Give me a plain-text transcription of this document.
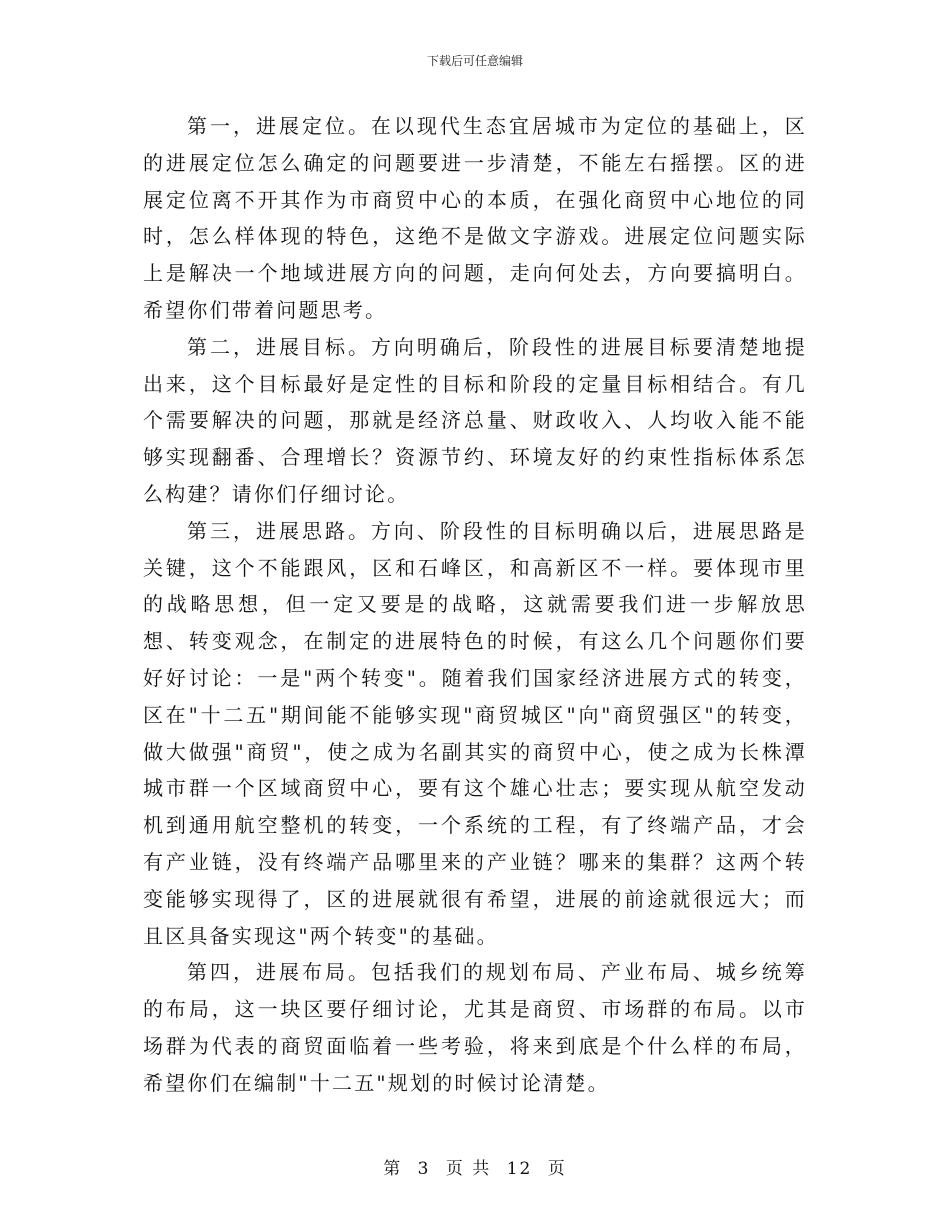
下载后可任意编辑

第一，进展定位。在以现代生态宜居城市为定位的基础上，区的进展定位怎么确定的问题要进一步清楚，不能左右摇摆。区的进展定位离不开其作为市商贸中心的本质，在强化商贸中心地位的同时，怎么样体现的特色，这绝不是做文字游戏。进展定位问题实际上是解决一个地域进展方向的问题，走向何处去，方向要搞明白。希望你们带着问题思考。

第二，进展目标。方向明确后，阶段性的进展目标要清楚地提出来，这个目标最好是定性的目标和阶段的定量目标相结合。有几个需要解决的问题，那就是经济总量、财政收入、人均收入能不能够实现翻番、合理增长？资源节约、环境友好的约束性指标体系怎么构建？请你们仔细讨论。

第三，进展思路。方向、阶段性的目标明确以后，进展思路是关键，这个不能跟风，区和石峰区，和高新区不一样。要体现市里的战略思想，但一定又要是的战略，这就需要我们进一步解放思想、转变观念，在制定的进展特色的时候，有这么几个问题你们要好好讨论：一是"两个转变"。随着我们国家经济进展方式的转变，区在"十二五"期间能不能够实现"商贸城区"向"商贸强区"的转变，做大做强"商贸"，使之成为名副其实的商贸中心，使之成为长株潭城市群一个区域商贸中心，要有这个雄心壮志；要实现从航空发动机到通用航空整机的转变，一个系统的工程，有了终端产品，才会有产业链，没有终端产品哪里来的产业链？哪来的集群？这两个转变能够实现得了，区的进展就很有希望，进展的前途就很远大；而且区具备实现这"两个转变"的基础。

第四，进展布局。包括我们的规划布局、产业布局、城乡统筹的布局，这一块区要仔细讨论，尤其是商贸、市场群的布局。以市场群为代表的商贸面临着一些考验，将来到底是个什么样的布局，希望你们在编制"十二五"规划的时候讨论清楚。

第 3 页 共 12 页
